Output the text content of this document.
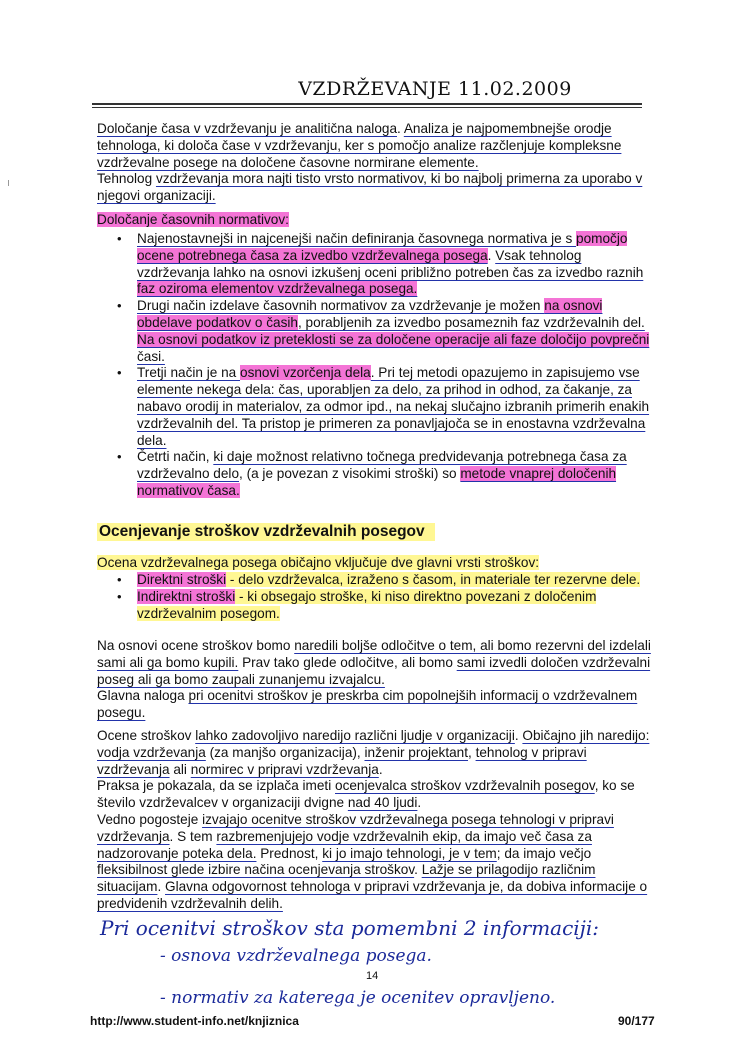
VZDRŽEVANJE 11.02.2009
Določanje časa v vzdrževanju je analitična naloga. Analiza je najpomembnejše orodje
tehnologa, ki določa čase v vzdrževanju, ker s pomočjo analize razčlenjuje kompleksne
vzdrževalne posege na določene časovne normirane elemente.
Tehnolog vzdrževanja mora najti tisto vrsto normativov, ki bo najbolj primerna za uporabo v
njegovi organizaciji.
Določanje časovnih normativov:
• Najenostavnejši in najcenejši način definiranja časovnega normativa je s pomočjo
ocene potrebnega časa za izvedbo vzdrževalnega posega. Vsak tehnolog
vzdrževanja lahko na osnovi izkušenj oceni približno potreben čas za izvedbo raznih
faz oziroma elementov vzdrževalnega posega.
• Drugi način izdelave časovnih normativov za vzdrževanje je možen na osnovi
obdelave podatkov o časih, porabljenih za izvedbo posameznih faz vzdrževalnih del.
Na osnovi podatkov iz preteklosti se za določene operacije ali faze določijo povprečni
časi.
• Tretji način je na osnovi vzorčenja dela. Pri tej metodi opazujemo in zapisujemo vse
elemente nekega dela: čas, uporabljen za delo, za prihod in odhod, za čakanje, za
nabavo orodij in materialov, za odmor ipd., na nekaj slučajno izbranih primerih enakih
vzdrževalnih del. Ta pristop je primeren za ponavljajoča se in enostavna vzdrževalna
dela.
• Četrti način, ki daje možnost relativno točnega predvidevanja potrebnega časa za
vzdrževalno delo, (a je povezan z visokimi stroški) so metode vnaprej določenih
normativov časa.
Ocenjevanje stroškov vzdrževalnih posegov
Ocena vzdrževalnega posega običajno vključuje dve glavni vrsti stroškov:
• Direktni stroški - delo vzdrževalca, izraženo s časom, in materiale ter rezervne dele.
• Indirektni stroški - ki obsegajo stroške, ki niso direktno povezani z določenim
vzdrževalnim posegom.
Na osnovi ocene stroškov bomo naredili boljše odločitve o tem, ali bomo rezervni del izdelali
sami ali ga bomo kupili. Prav tako glede odločitve, ali bomo sami izvedli določen vzdrževalni
poseg ali ga bomo zaupali zunanjemu izvajalcu.
Glavna naloga pri ocenitvi stroškov je preskrba cim popolnejših informacij o vzdrževalnem
posegu.
Ocene stroškov lahko zadovoljivo naredijo različni ljudje v organizaciji. Običajno jih naredijo:
vodja vzdrževanja (za manjšo organizacija), inženir projektant, tehnolog v pripravi
vzdrževanja ali normirec v pripravi vzdrževanja.
Praksa je pokazala, da se izplača imeti ocenjevalca stroškov vzdrževalnih posegov, ko se
število vzdrževalcev v organizaciji dvigne nad 40 ljudi.
Vedno pogosteje izvajajo ocenitve stroškov vzdrževalnega posega tehnologi v pripravi
vzdrževanja. S tem razbremenjujejo vodje vzdrževalnih ekip, da imajo več časa za
nadzorovanje poteka dela. Prednost, ki jo imajo tehnologi, je v tem; da imajo večjo
fleksibilnost glede izbire načina ocenjevanja stroškov. Lažje se prilagodijo različnim
situacijam. Glavna odgovornost tehnologa v pripravi vzdrževanja je, da dobiva informacije o
predvidenih vzdrževalnih delih.
Pri ocenitvi stroškov sta pomembni 2 informaciji:
- osnova vzdrževalnega posega.
- normativ za katerega je ocenitev opravljeno.
14
http://www.student-info.net/knjiznica	90/177
